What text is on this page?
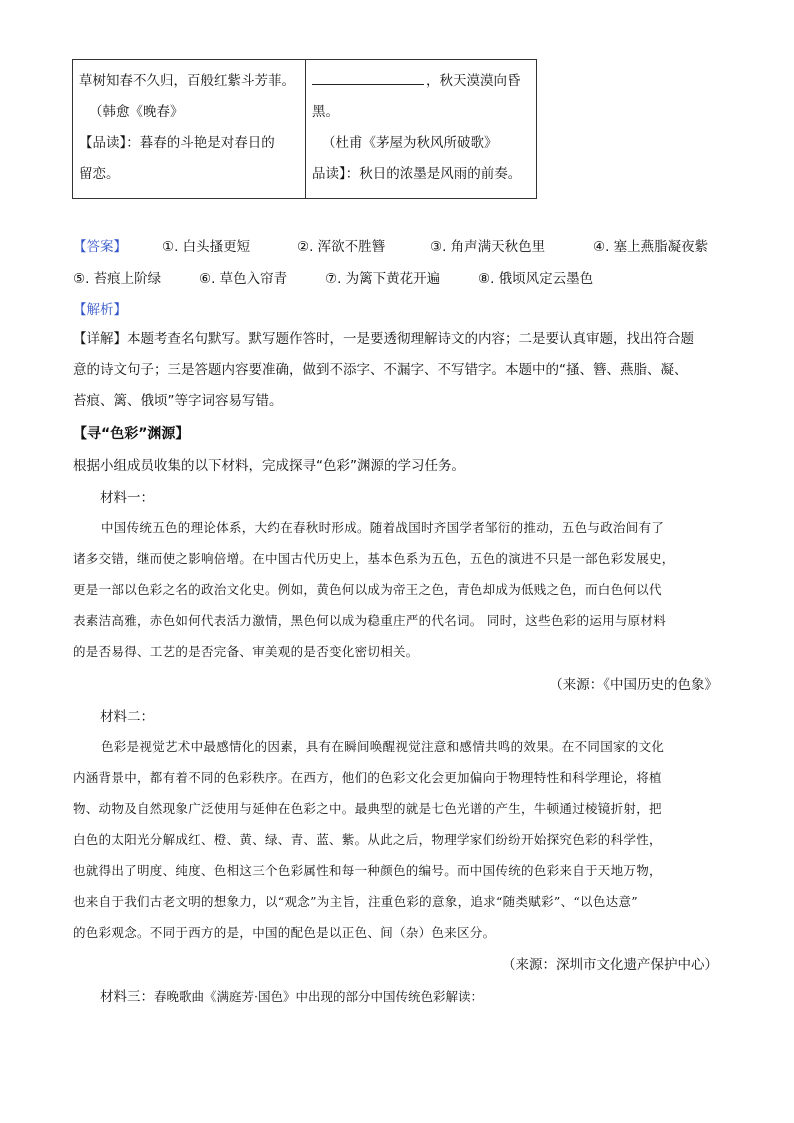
草树知春不久归，百般红紫斗芳菲。
（韩愈《晚春》
【品读】：暮春的斗艳是对春日的
留恋。

，秋天漠漠向昏黑。
（杜甫《茅屋为秋风所破歌》
品读】：秋日的浓墨是风雨的前奏。
【答案】	①. 白头搔更短	②. 浑欲不胜簪	③. 角声满天秋色里	④. 塞上燕脂凝夜紫
⑤. 苔痕上阶绿	⑥. 草色入帘青	⑦. 为篱下黄花开遍	⑧. 俄顷风定云墨色
【解析】
【详解】本题考查名句默写。默写题作答时，一是要透彻理解诗文的内容；二是要认真审题，找出符合题
意的诗文句子；三是答题内容要准确，做到不添字、不漏字、不写错字。本题中的“搔、簪、燕脂、凝、
苔痕、篱、俄顷”等字词容易写错。
【寻“色彩”渊源】
根据小组成员收集的以下材料，完成探寻“色彩”渊源的学习任务。
材料一：
中国传统五色的理论体系，大约在春秋时形成。随着战国时齐国学者邹衍的推动，五色与政治间有了
诸多交错，继而使之影响倍增。在中国古代历史上，基本色系为五色，五色的演进不只是一部色彩发展史，
更是一部以色彩之名的政治文化史。例如，黄色何以成为帝王之色，青色却成为低贱之色，而白色何以代
表素洁高雅，赤色如何代表活力激情，黑色何以成为稳重庄严的代名词。 同时，这些色彩的运用与原材料
的是否易得、工艺的是否完备、审美观的是否变化密切相关。
（来源：《中国历史的色象》
材料二：
色彩是视觉艺术中最感情化的因素，具有在瞬间唤醒视觉注意和感情共鸣的效果。在不同国家的文化
内涵背景中，都有着不同的色彩秩序。在西方，他们的色彩文化会更加偏向于物理特性和科学理论，将植
物、动物及自然现象广泛使用与延伸在色彩之中。最典型的就是七色光谱的产生，牛顿通过棱镜折射，把
白色的太阳光分解成红、橙、黄、绿、青、蓝、紫。从此之后，物理学家们纷纷开始探究色彩的科学性，
也就得出了明度、纯度、色相这三个色彩属性和每一种颜色的编号。而中国传统的色彩来自于天地万物，
也来自于我们古老文明的想象力，以“观念”为主旨，注重色彩的意象，追求“随类赋彩”、“以色达意”
的色彩观念。不同于西方的是，中国的配色是以正色、间（杂）色来区分。
（来源：深圳市文化遗产保护中心）
材料三：春晚歌曲《满庭芳·国色》中出现的部分中国传统色彩解读：
